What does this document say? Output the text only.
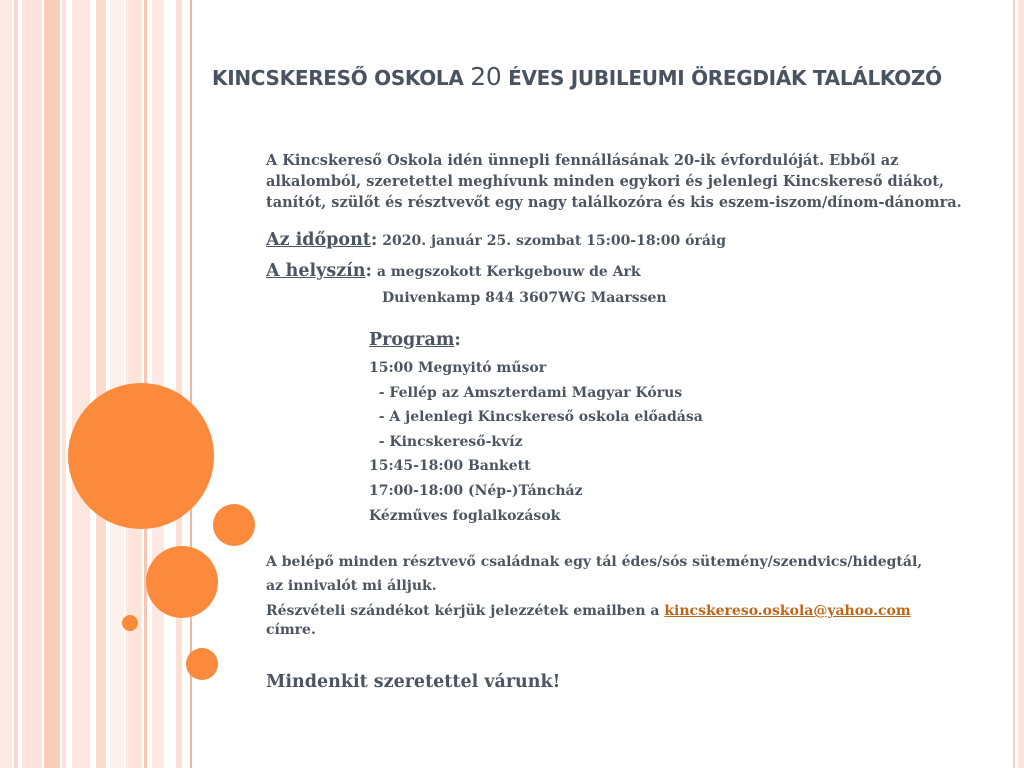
KINCSKERESŐ OSKOLA 20 ÉVES JUBILEUMI ÖREGDIÁK TALÁLKOZÓ
A Kincskereső Oskola idén ünnepli fennállásának 20-ik évfordulóját. Ebből az
alkalomból, szeretettel meghívunk minden egykori és jelenlegi Kincskereső diákot,
tanítót, szülőt és résztvevőt egy nagy találkozóra és kis eszem-iszom/dínom-dánomra.
Az időpont: 2020. január 25. szombat 15:00-18:00 óráig
A helyszín: a megszokott Kerkgebouw de Ark
Duivenkamp 844 3607WG Maarssen
Program:
15:00 Megnyitó műsor
- Fellép az Amszterdami Magyar Kórus
- A jelenlegi Kincskereső oskola előadása
- Kincskereső-kvíz
15:45-18:00 Bankett
17:00-18:00 (Nép-)Táncház
Kézműves foglalkozások
A belépő minden résztvevő családnak egy tál édes/sós sütemény/szendvics/hidegtál,
az innivalót mi álljuk.
Részvételi szándékot kérjük jelezzétek emailben a kincskereso.oskola@yahoo.com
címre.
Mindenkit szeretettel várunk!
